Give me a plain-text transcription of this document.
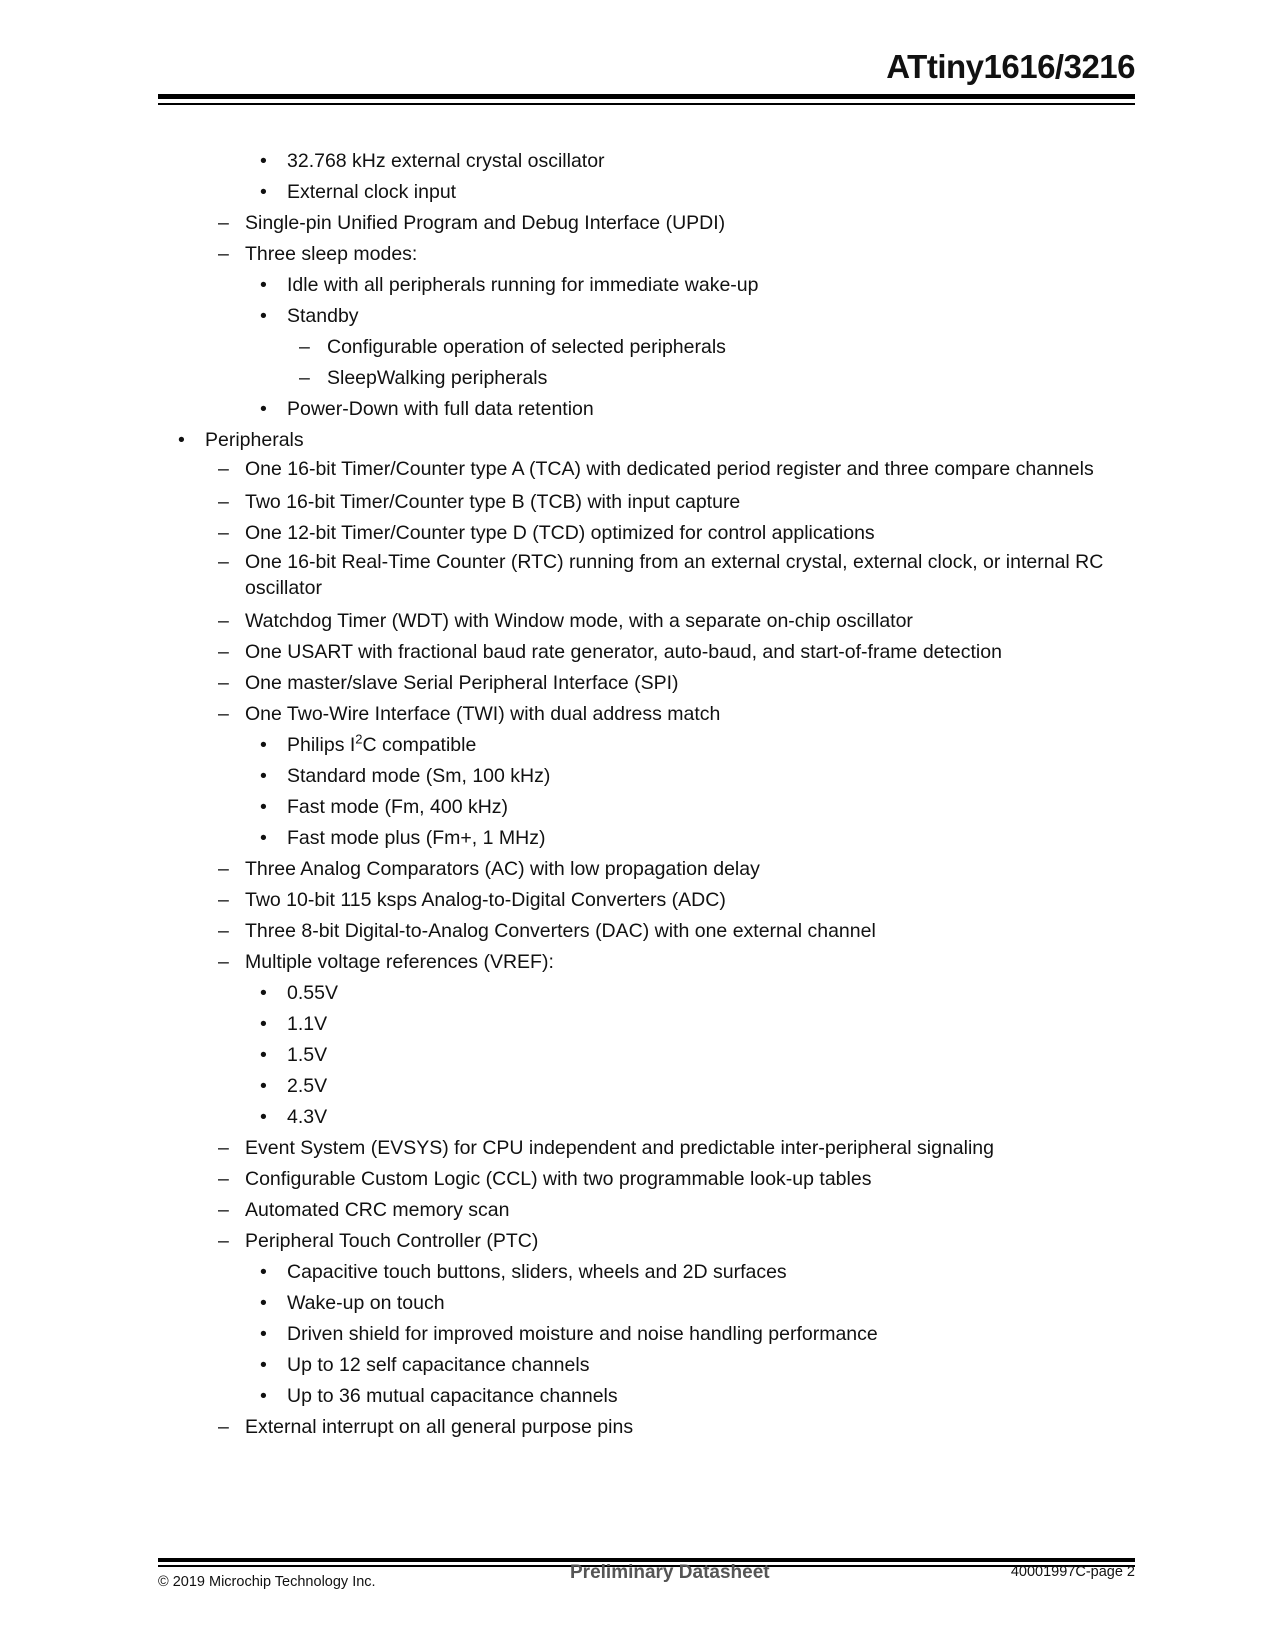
ATtiny1616/3216
•	32.768 kHz external crystal oscillator
•	External clock input
– Single-pin Unified Program and Debug Interface (UPDI)
– Three sleep modes:
•	Idle with all peripherals running for immediate wake-up
•	Standby
– Configurable operation of selected peripherals
– SleepWalking peripherals
•	Power-Down with full data retention
•	Peripherals
– One 16-bit Timer/Counter type A (TCA) with dedicated period register and three compare channels
– Two 16-bit Timer/Counter type B (TCB) with input capture
– One 12-bit Timer/Counter type D (TCD) optimized for control applications
– One 16-bit Real-Time Counter (RTC) running from an external crystal, external clock, or internal RC oscillator
– Watchdog Timer (WDT) with Window mode, with a separate on-chip oscillator
– One USART with fractional baud rate generator, auto-baud, and start-of-frame detection
– One master/slave Serial Peripheral Interface (SPI)
– One Two-Wire Interface (TWI) with dual address match
•	Philips $I^2C$ compatible
•	Standard mode (Sm, 100 kHz)
•	Fast mode (Fm, 400 kHz)
•	Fast mode plus (Fm+, 1 MHz)
– Three Analog Comparators (AC) with low propagation delay
– Two 10-bit 115 ksps Analog-to-Digital Converters (ADC)
– Three 8-bit Digital-to-Analog Converters (DAC) with one external channel
– Multiple voltage references (VREF):
•	0.55V
•	1.1V
•	1.5V
•	2.5V
•	4.3V
– Event System (EVSYS) for CPU independent and predictable inter-peripheral signaling
– Configurable Custom Logic (CCL) with two programmable look-up tables
– Automated CRC memory scan
– Peripheral Touch Controller (PTC)
•	Capacitive touch buttons, sliders, wheels and 2D surfaces
•	Wake-up on touch
•	Driven shield for improved moisture and noise handling performance
•	Up to 12 self capacitance channels
•	Up to 36 mutual capacitance channels
– External interrupt on all general purpose pins
© 2019 Microchip Technology Inc.	Preliminary Datasheet	40001997C-page 2
